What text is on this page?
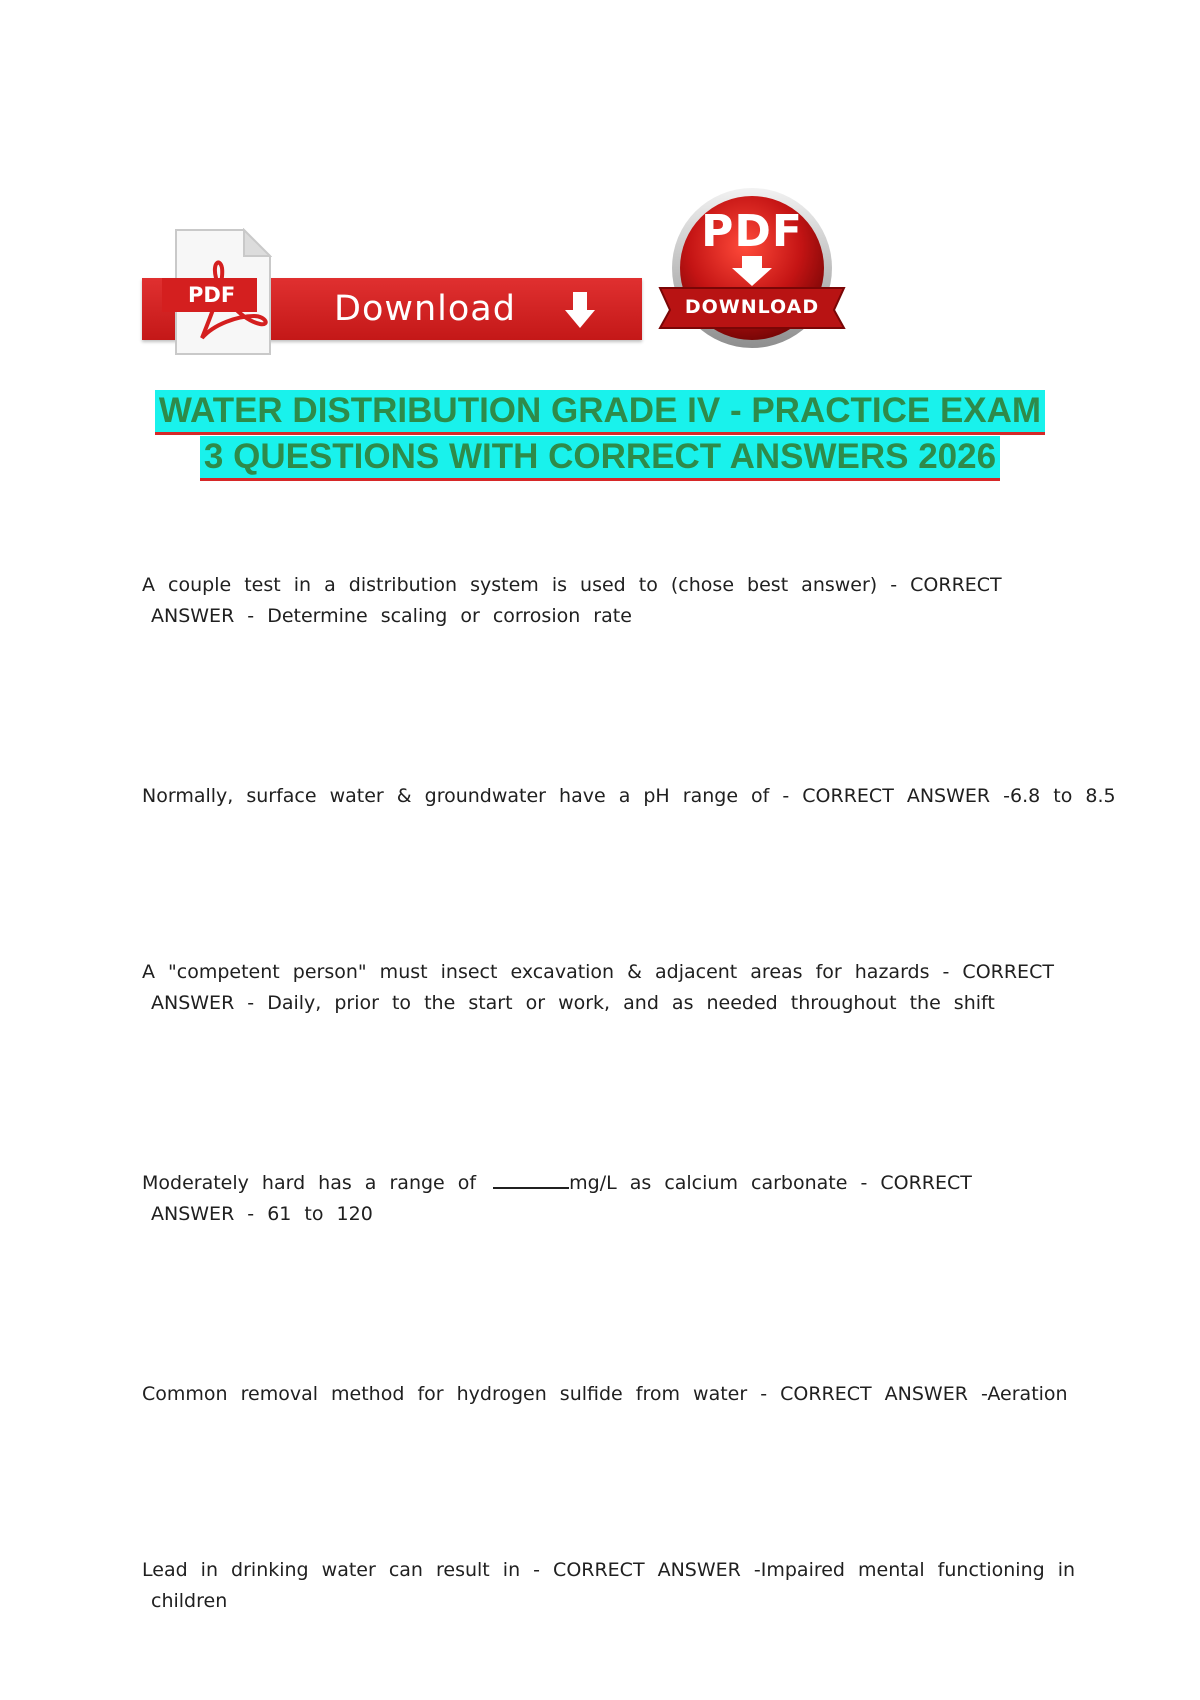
Download
PDF
PDF
DOWNLOAD
WATER DISTRIBUTION GRADE IV - PRACTICE EXAM
3 QUESTIONS WITH CORRECT ANSWERS 2026
A couple test in a distribution system is used to (chose best answer) - CORRECT
ANSWER - Determine scaling or corrosion rate
Normally, surface water & groundwater have a pH range of - CORRECT ANSWER -6.8 to 8.5
A "competent person" must insect excavation & adjacent areas for hazards - CORRECT
ANSWER - Daily, prior to the start or work, and as needed throughout the shift
Moderately hard has a range of	mg/L as calcium carbonate - CORRECT
ANSWER - 61 to 120
Common removal method for hydrogen sulfide from water - CORRECT ANSWER -Aeration
Lead in drinking water can result in - CORRECT ANSWER -Impaired mental functioning in
children
